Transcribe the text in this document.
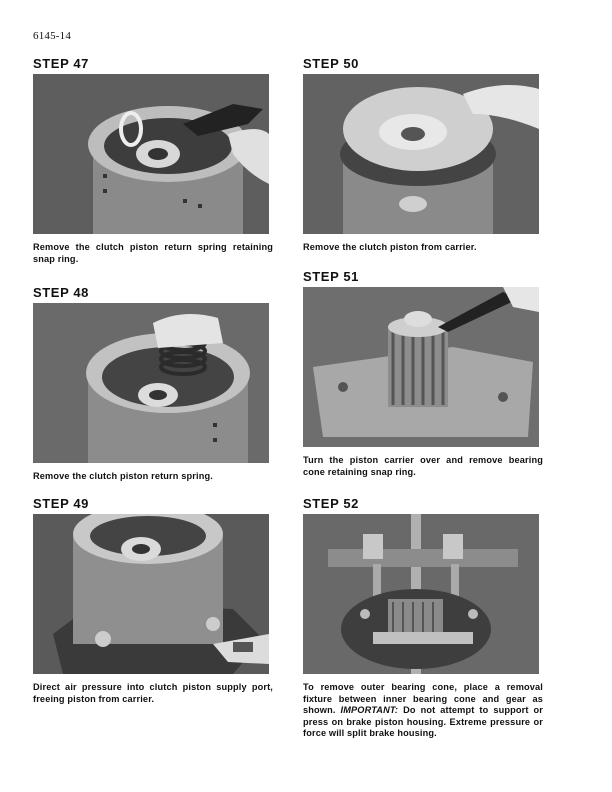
6145-14
STEP 47
Remove the clutch piston return spring retaining snap ring.
STEP 48
Remove the clutch piston return spring.
STEP 49
Direct air pressure into clutch piston supply port, freeing piston from carrier.
STEP 50
Remove the clutch piston from carrier.
STEP 51
Turn the piston carrier over and remove bearing cone retaining snap ring.
STEP 52
To remove outer bearing cone, place a removal fixture between inner bearing cone and gear as shown. IMPORTANT: Do not attempt to support or press on brake piston housing. Extreme pressure or force will split brake housing.
